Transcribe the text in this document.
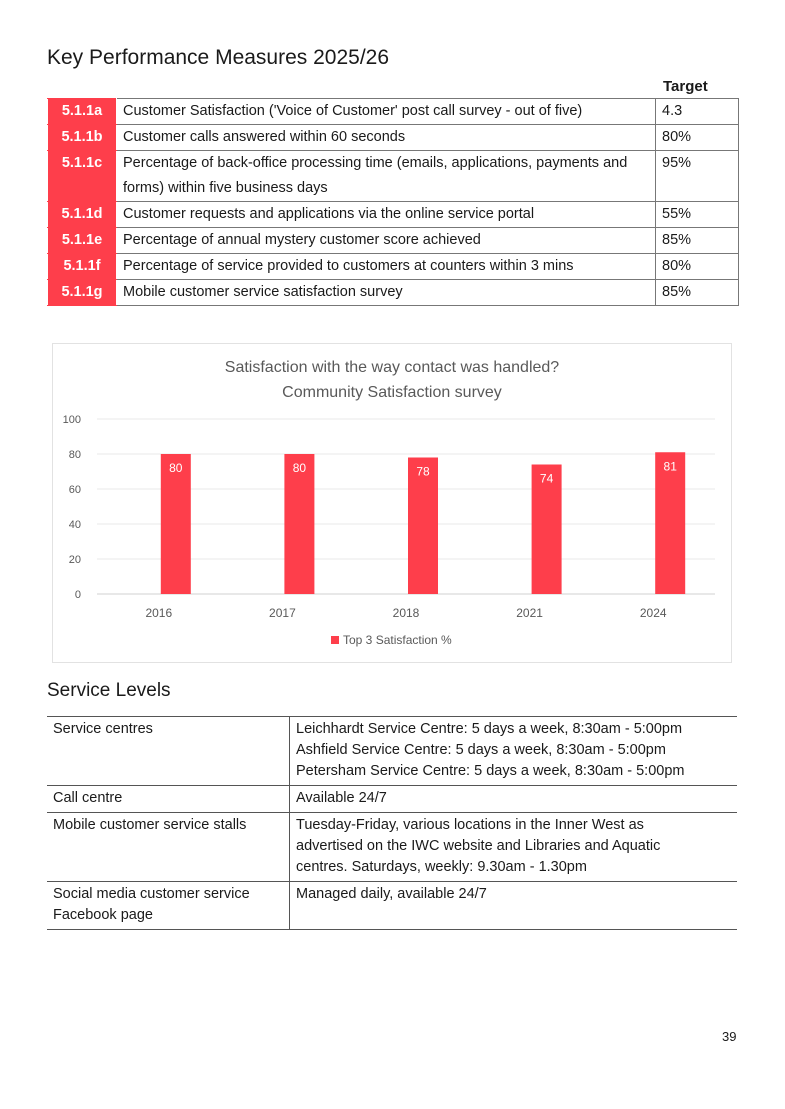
Key Performance Measures 2025/26
Target
5.1.1a	Customer Satisfaction ('Voice of Customer' post call survey - out of five)	4.3
5.1.1b	Customer calls answered within 60 seconds	80%
5.1.1c	Percentage of back-office processing time (emails, applications, payments and forms) within five business days	95%
5.1.1d	Customer requests and applications via the online service portal	55%
5.1.1e	Percentage of annual mystery customer score achieved	85%
5.1.1f	Percentage of service provided to customers at counters within 3 mins	80%
5.1.1g	Mobile customer service satisfaction survey	85%
Satisfaction with the way contact was handled?
Community Satisfaction survey
0
20
40
60
80
100
80
2016
80
2017
78
2018
74
2021
81
2024
Top 3 Satisfaction %
Service Levels
Service centres	Leichhardt Service Centre: 5 days a week, 8:30am - 5:00pm
Ashfield Service Centre: 5 days a week, 8:30am - 5:00pm
Petersham Service Centre: 5 days a week, 8:30am - 5:00pm

Call centre	Available 24/7

Mobile customer service stalls	Tuesday-Friday, various locations in the Inner West as
advertised on the IWC website and Libraries and Aquatic
centres. Saturdays, weekly: 9.30am - 1.30pm

Social media customer service Facebook page	Managed daily, available 24/7
39
